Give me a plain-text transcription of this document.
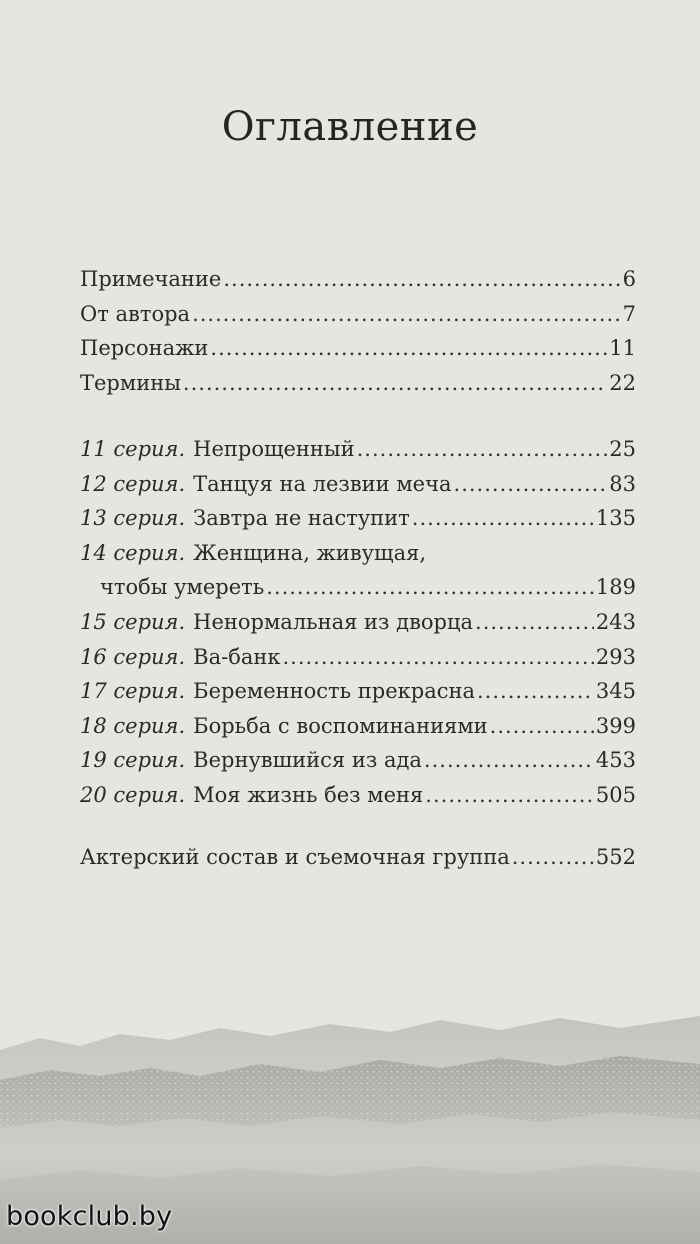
Оглавление
Примечание .....	6
От автора .....	7
Персонажи .....	11
Термины .....	22
11 серия. Непрощенный .....	25
12 серия. Танцуя на лезвии меча .....	83
13 серия. Завтра не наступит .....	135
14 серия. Женщина, живущая,
чтобы умереть .....	189
15 серия. Ненормальная из дворца .....	243
16 серия. Ва-банк .....	293
17 серия. Беременность прекрасна .....	345
18 серия. Борьба с воспоминаниями .....	399
19 серия. Вернувшийся из ада .....	453
20 серия. Моя жизнь без меня .....	505
Актерский состав и съемочная группа .....	552
bookclub.by
